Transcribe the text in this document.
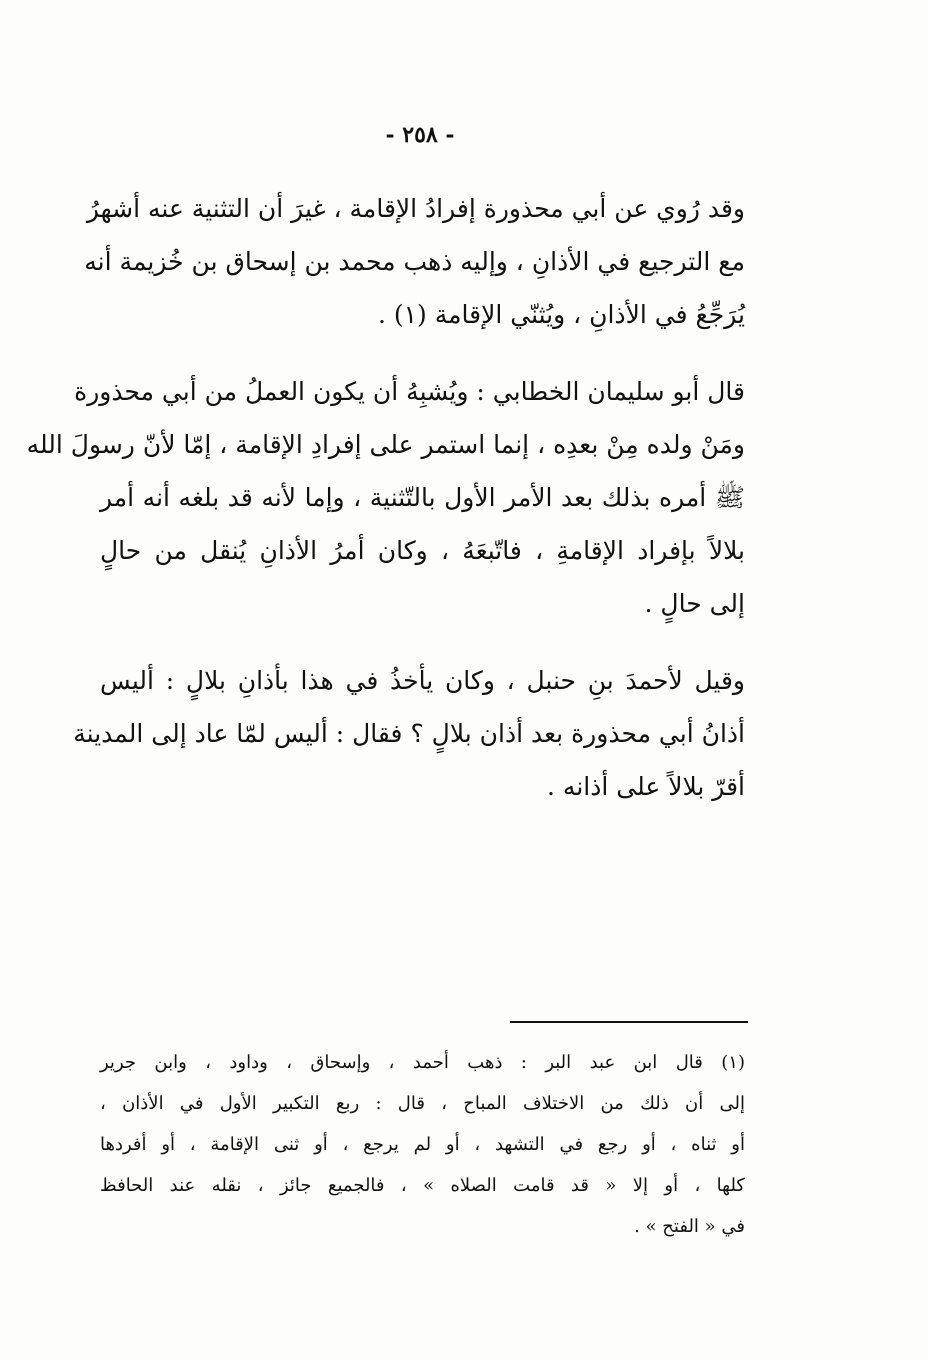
- ٢٥٨ -

وقد رُوي عن أبي محذورة إفرادُ الإقامة ، غيرَ أن التثنية عنه أشهرُ
مع الترجيع في الأذانِ ، وإليه ذهب محمد بن إسحاق بن خُزيمة أنه
يُرَجِّعُ في الأذانِ ، ويُثنّي الإقامة (١) .

قال أبو سليمان الخطابي : ويُشبِهُ أن يكون العملُ من أبي محذورة
ومَنْ ولده مِنْ بعدِه ، إنما استمر على إفرادِ الإقامة ، إمّا لأنّ رسولَ الله
ﷺ أمره بذلك بعد الأمر الأول بالتّثنية ، وإما لأنه قد بلغه أنه أمر
بلالاً بإفراد الإقامةِ ، فاتّبعَهُ ، وكان أمرُ الأذانِ يُنقل من حالٍ
إلى حالٍ .

وقيل لأحمدَ بنِ حنبل ، وكان يأخذُ في هذا بأذانِ بلالٍ : أليس
أذانُ أبي محذورة بعد أذان بلالٍ ؟ فقال : أليس لمّا عاد إلى المدينة
أقرّ بلالاً على أذانه .

(١) قال ابن عبد البر : ذهب أحمد ، وإسحاق ، وداود ، وابن جرير
إلى أن ذلك من الاختلاف المباح ، قال : ربع التكبير الأول في الأذان ،
أو ثناه ، أو رجع في التشهد ، أو لم يرجع ، أو ثنى الإقامة ، أو أفردها
كلها ، أو إلا « قد قامت الصلاه » ، فالجميع جائز ، نقله عند الحافظ
في « الفتح » .
